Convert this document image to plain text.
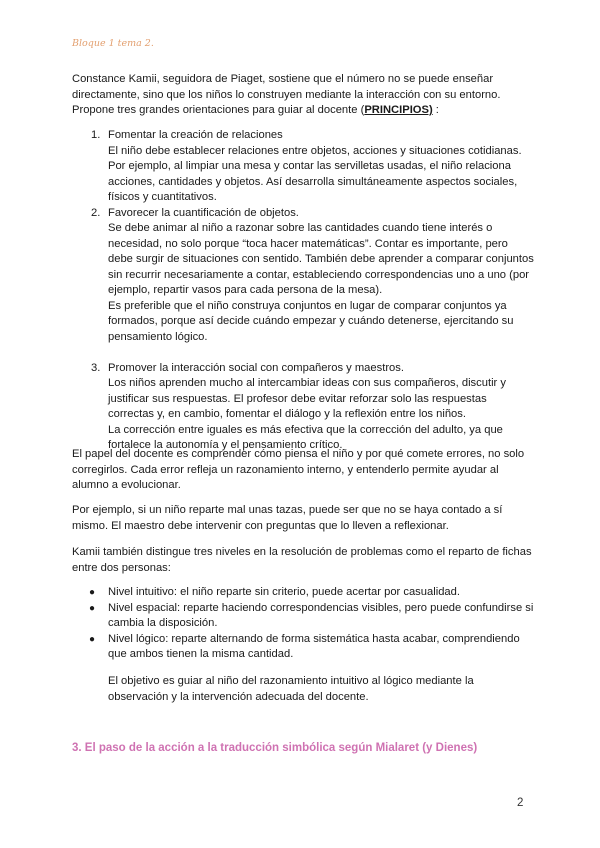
Bloque 1 tema 2.

Constance Kamii, seguidora de Piaget, sostiene que el número no se puede enseñar directamente, sino que los niños lo construyen mediante la interacción con su entorno. Propone tres grandes orientaciones para guiar al docente (PRINCIPIOS) :

1. Fomentar la creación de relaciones
El niño debe establecer relaciones entre objetos, acciones y situaciones cotidianas. Por ejemplo, al limpiar una mesa y contar las servilletas usadas, el niño relaciona acciones, cantidades y objetos. Así desarrolla simultáneamente aspectos sociales, físicos y cuantitativos.
2. Favorecer la cuantificación de objetos.
Se debe animar al niño a razonar sobre las cantidades cuando tiene interés o necesidad, no solo porque “toca hacer matemáticas”. Contar es importante, pero debe surgir de situaciones con sentido. También debe aprender a comparar conjuntos sin recurrir necesariamente a contar, estableciendo correspondencias uno a uno (por ejemplo, repartir vasos para cada persona de la mesa).
Es preferible que el niño construya conjuntos en lugar de comparar conjuntos ya formados, porque así decide cuándo empezar y cuándo detenerse, ejercitando su pensamiento lógico.
3. Promover la interacción social con compañeros y maestros.
Los niños aprenden mucho al intercambiar ideas con sus compañeros, discutir y justificar sus respuestas. El profesor debe evitar reforzar solo las respuestas correctas y, en cambio, fomentar el diálogo y la reflexión entre los niños.
La corrección entre iguales es más efectiva que la corrección del adulto, ya que fortalece la autonomía y el pensamiento crítico.

El papel del docente es comprender cómo piensa el niño y por qué comete errores, no solo corregirlos. Cada error refleja un razonamiento interno, y entenderlo permite ayudar al alumno a evolucionar.

Por ejemplo, si un niño reparte mal unas tazas, puede ser que no se haya contado a sí mismo. El maestro debe intervenir con preguntas que lo lleven a reflexionar.

Kamii también distingue tres niveles en la resolución de problemas como el reparto de fichas entre dos personas:

● Nivel intuitivo: el niño reparte sin criterio, puede acertar por casualidad.
● Nivel espacial: reparte haciendo correspondencias visibles, pero puede confundirse si cambia la disposición.
● Nivel lógico: reparte alternando de forma sistemática hasta acabar, comprendiendo que ambos tienen la misma cantidad.

El objetivo es guiar al niño del razonamiento intuitivo al lógico mediante la observación y la intervención adecuada del docente.

3. El paso de la acción a la traducción simbólica según Mialaret (y Dienes)

2
